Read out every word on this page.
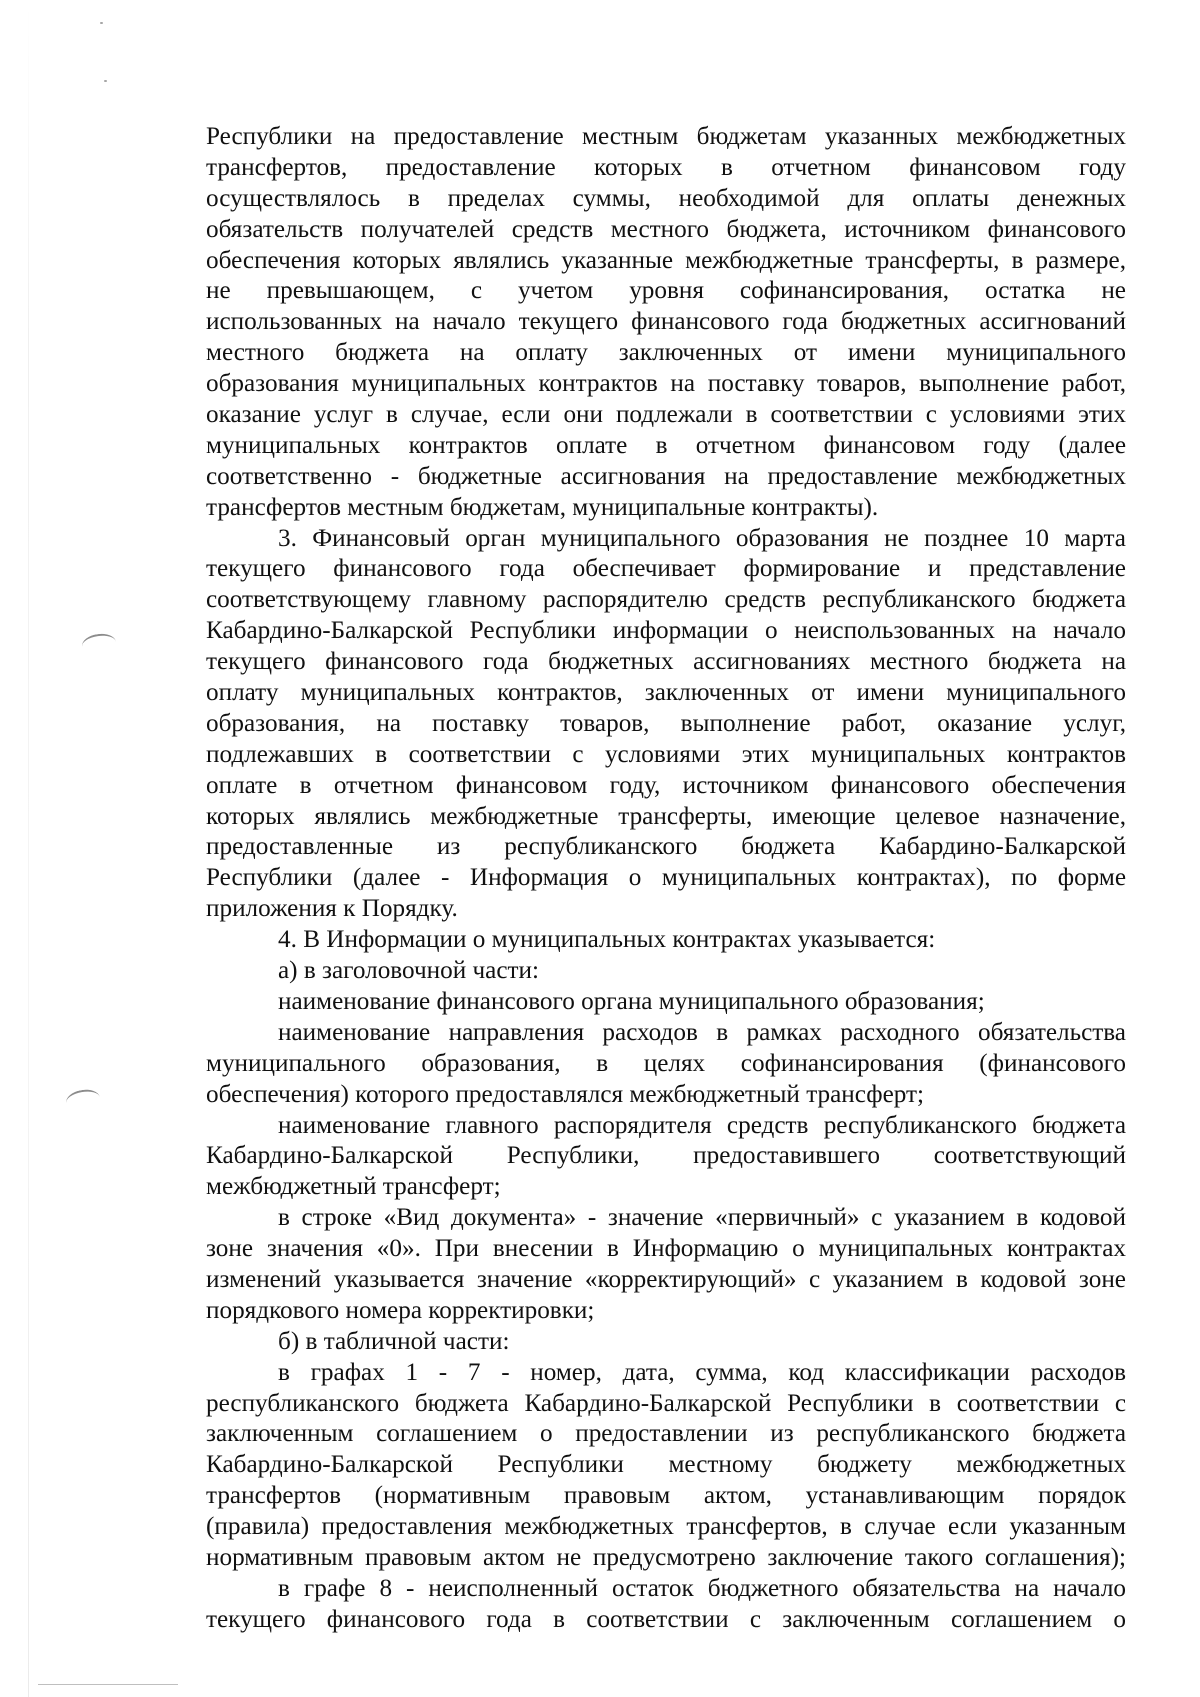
Республики на предоставление местным бюджетам указанных межбюджетных
трансфертов, предоставление которых в отчетном финансовом году
осуществлялось в пределах суммы, необходимой для оплаты денежных
обязательств получателей средств местного бюджета, источником финансового
обеспечения которых являлись указанные межбюджетные трансферты, в размере,
не превышающем, с учетом уровня софинансирования, остатка не
использованных на начало текущего финансового года бюджетных ассигнований
местного бюджета на оплату заключенных от имени муниципального
образования муниципальных контрактов на поставку товаров, выполнение работ,
оказание услуг в случае, если они подлежали в соответствии с условиями этих
муниципальных контрактов оплате в отчетном финансовом году (далее
соответственно - бюджетные ассигнования на предоставление межбюджетных
трансфертов местным бюджетам, муниципальные контракты).
3. Финансовый орган муниципального образования не позднее 10 марта
текущего финансового года обеспечивает формирование и представление
соответствующему главному распорядителю средств республиканского бюджета
Кабардино-Балкарской Республики информации о неиспользованных на начало
текущего финансового года бюджетных ассигнованиях местного бюджета на
оплату муниципальных контрактов, заключенных от имени муниципального
образования, на поставку товаров, выполнение работ, оказание услуг,
подлежавших в соответствии с условиями этих муниципальных контрактов
оплате в отчетном финансовом году, источником финансового обеспечения
которых являлись межбюджетные трансферты, имеющие целевое назначение,
предоставленные из республиканского бюджета Кабардино-Балкарской
Республики (далее - Информация о муниципальных контрактах), по форме
приложения к Порядку.
4. В Информации о муниципальных контрактах указывается:
а) в заголовочной части:
наименование финансового органа муниципального образования;
наименование направления расходов в рамках расходного обязательства
муниципального образования, в целях софинансирования (финансового
обеспечения) которого предоставлялся межбюджетный трансферт;
наименование главного распорядителя средств республиканского бюджета
Кабардино-Балкарской Республики, предоставившего соответствующий
межбюджетный трансферт;
в строке «Вид документа» - значение «первичный» с указанием в кодовой
зоне значения «0». При внесении в Информацию о муниципальных контрактах
изменений указывается значение «корректирующий» с указанием в кодовой зоне
порядкового номера корректировки;
б) в табличной части:
в графах 1 - 7 - номер, дата, сумма, код классификации расходов
республиканского бюджета Кабардино-Балкарской Республики в соответствии с
заключенным соглашением о предоставлении из республиканского бюджета
Кабардино-Балкарской Республики местному бюджету межбюджетных
трансфертов (нормативным правовым актом, устанавливающим порядок
(правила) предоставления межбюджетных трансфертов, в случае если указанным
нормативным правовым актом не предусмотрено заключение такого соглашения);
в графе 8 - неисполненный остаток бюджетного обязательства на начало
текущего финансового года в соответствии с заключенным соглашением о
